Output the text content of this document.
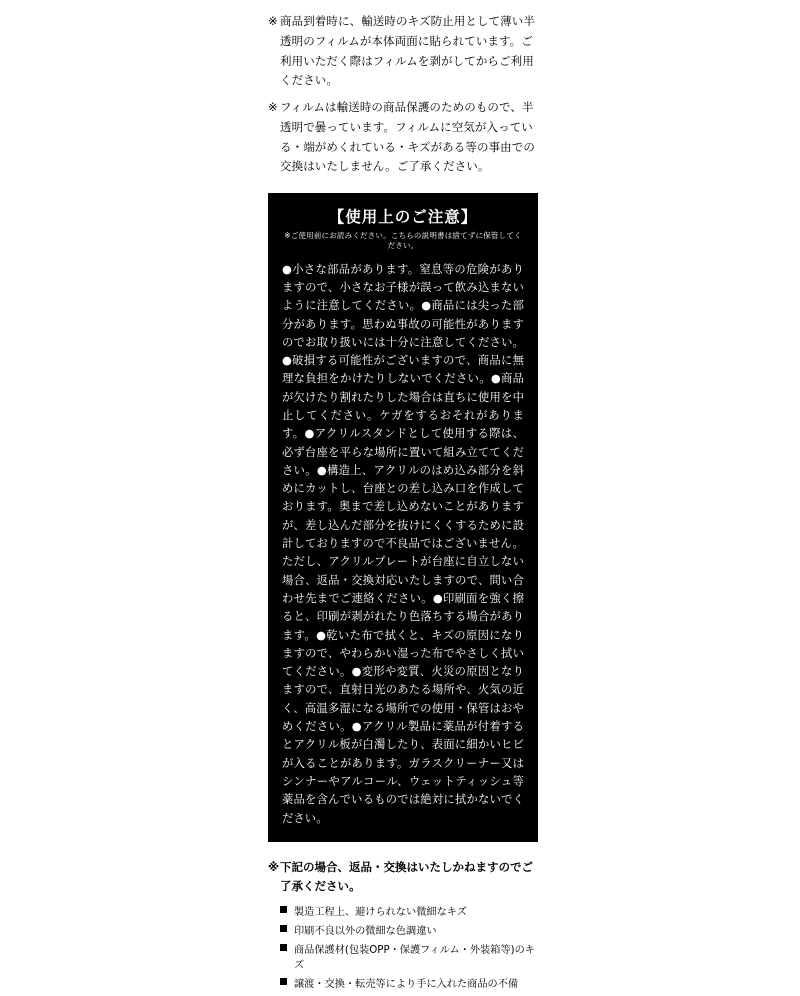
※ 商品到着時に、輸送時のキズ防止用として薄い半透明のフィルムが本体両面に貼られています。ご利用いただく際はフィルムを剥がしてからご利用ください。

※ フィルムは輸送時の商品保護のためのもので、半透明で曇っています。フィルムに空気が入っている・端がめくれている・キズがある等の事由での交換はいたしません。ご了承ください。

【使用上のご注意】
※ご使用前にお読みください。こちらの説明書は捨てずに保管してください。
●小さな部品があります。窒息等の危険がありますので、小さなお子様が誤って飲み込まないように注意してください。●商品には尖った部分があります。思わぬ事故の可能性がありますのでお取り扱いには十分に注意してください。●破損する可能性がございますので、商品に無理な負担をかけたりしないでください。●商品が欠けたり割れたりした場合は直ちに使用を中止してください。ケガをするおそれがあります。●アクリルスタンドとして使用する際は、必ず台座を平らな場所に置いて組み立ててください。●構造上、アクリルのはめ込み部分を斜めにカットし、台座との差し込み口を作成しております。奥まで差し込めないことがありますが、差し込んだ部分を抜けにくくするために設計しておりますので不良品ではございません。ただし、アクリルプレートが台座に自立しない場合、返品・交換対応いたしますので、問い合わせ先までご連絡ください。●印刷面を強く擦ると、印刷が剥がれたり色落ちする場合があります。●乾いた布で拭くと、キズの原因になりますので、やわらかい湿った布でやさしく拭いてください。●変形や変質、火災の原因となりますので、直射日光のあたる場所や、火気の近く、高温多湿になる場所での使用・保管はおやめください。●アクリル製品に薬品が付着するとアクリル板が白濁したり、表面に細かいヒビが入ることがあります。ガラスクリーナー又はシンナーやアルコール、ウェットティッシュ等薬品を含んでいるものでは絶対に拭かないでください。
※ 下記の場合、返品・交換はいたしかねますのでご了承ください。
製造工程上、避けられない微細なキズ
印刷不良以外の微細な色調違い
商品保護材(包装OPP・保護フィルム・外装箱等)のキズ
譲渡・交換・転売等により手に入れた商品の不備
